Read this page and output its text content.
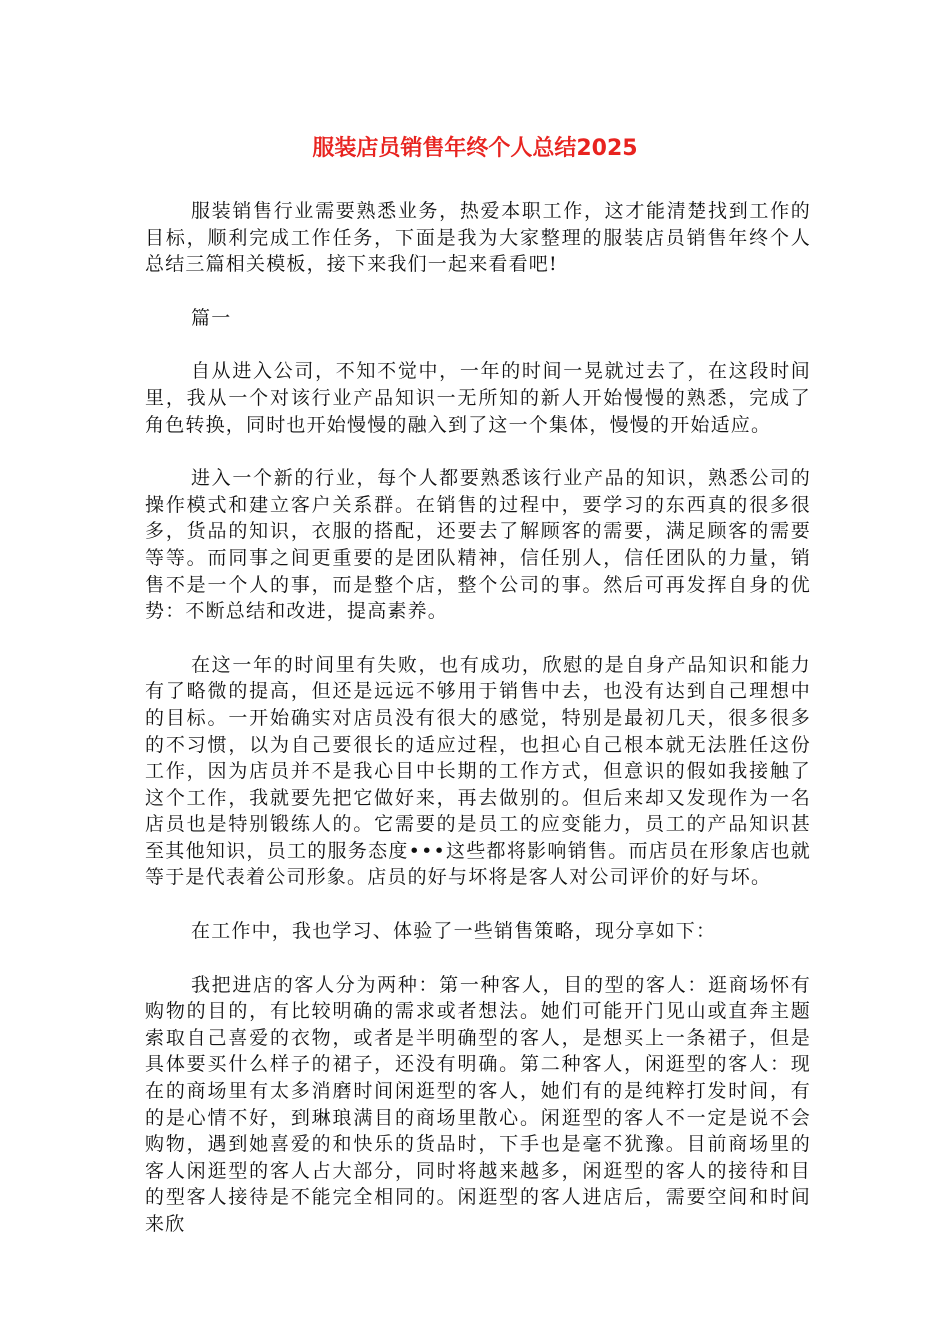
服装店员销售年终个人总结2025

服装销售行业需要熟悉业务，热爱本职工作，这才能清楚找到工作的目标，顺利完成工作任务，下面是我为大家整理的服装店员销售年终个人总结三篇相关模板，接下来我们一起来看看吧!

篇一

自从进入公司，不知不觉中，一年的时间一晃就过去了，在这段时间里，我从一个对该行业产品知识一无所知的新人开始慢慢的熟悉，完成了角色转换，同时也开始慢慢的融入到了这一个集体，慢慢的开始适应。

进入一个新的行业，每个人都要熟悉该行业产品的知识，熟悉公司的操作模式和建立客户关系群。在销售的过程中，要学习的东西真的很多很多，货品的知识，衣服的搭配，还要去了解顾客的需要，满足顾客的需要等等。而同事之间更重要的是团队精神，信任别人，信任团队的力量，销售不是一个人的事，而是整个店，整个公司的事。然后可再发挥自身的优势：不断总结和改进，提高素养。

在这一年的时间里有失败，也有成功，欣慰的是自身产品知识和能力有了略微的提高，但还是远远不够用于销售中去，也没有达到自己理想中的目标。一开始确实对店员没有很大的感觉，特别是最初几天，很多很多的不习惯，以为自己要很长的适应过程，也担心自己根本就无法胜任这份工作，因为店员并不是我心目中长期的工作方式，但意识的假如我接触了这个工作，我就要先把它做好来，再去做别的。但后来却又发现作为一名店员也是特别锻练人的。它需要的是员工的应变能力，员工的产品知识甚至其他知识，员工的服务态度•••这些都将影响销售。而店员在形象店也就等于是代表着公司形象。店员的好与坏将是客人对公司评价的好与坏。

在工作中，我也学习、体验了一些销售策略，现分享如下：

我把进店的客人分为两种：第一种客人，目的型的客人：逛商场怀有购物的目的，有比较明确的需求或者想法。她们可能开门见山或直奔主题索取自己喜爱的衣物，或者是半明确型的客人，是想买上一条裙子，但是具体要买什么样子的裙子，还没有明确。第二种客人，闲逛型的客人：现在的商场里有太多消磨时间闲逛型的客人，她们有的是纯粹打发时间，有的是心情不好，到琳琅满目的商场里散心。闲逛型的客人不一定是说不会购物，遇到她喜爱的和快乐的货品时，下手也是毫不犹豫。目前商场里的客人闲逛型的客人占大部分，同时将越来越多，闲逛型的客人的接待和目的型客人接待是不能完全相同的。闲逛型的客人进店后，需要空间和时间来欣
